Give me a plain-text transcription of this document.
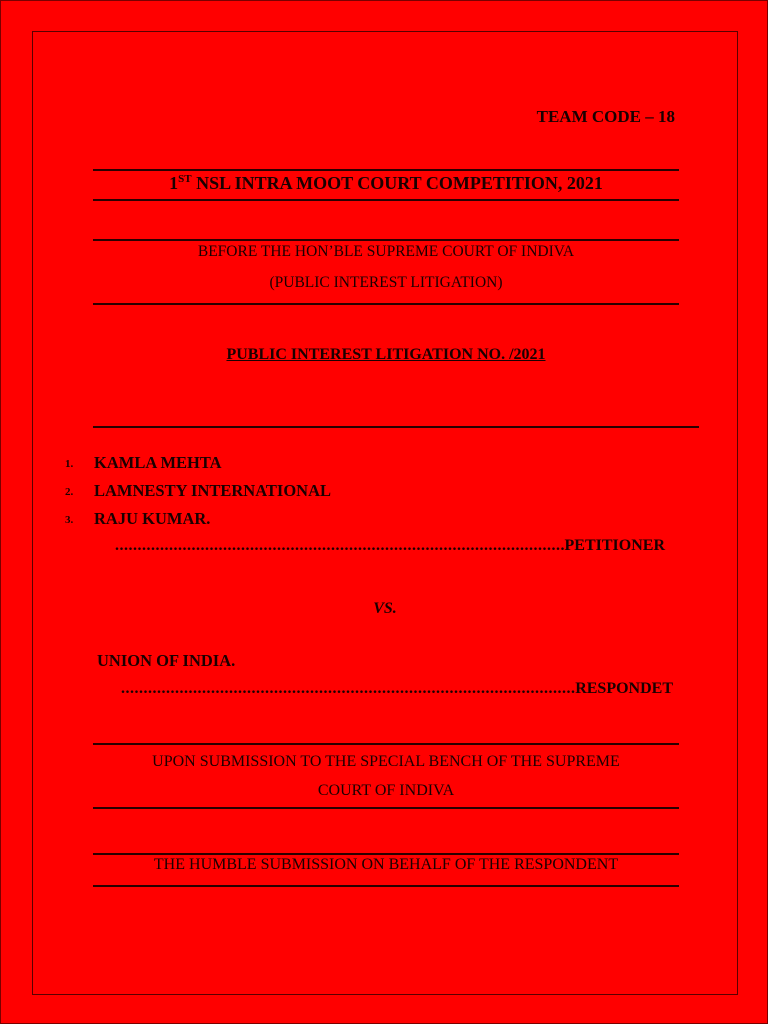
TEAM CODE – 18
1ST NSL INTRA MOOT COURT COMPETITION, 2021
BEFORE THE HON’BLE SUPREME COURT OF INDIVA
(PUBLIC INTEREST LITIGATION)
PUBLIC INTEREST LITIGATION NO. /2021
1. KAMLA MEHTA
2. LAMNESTY INTERNATIONAL
3. RAJU KUMAR.
.....
PETITIONER
VS.
UNION OF INDIA.
.....
RESPONDET
UPON SUBMISSION TO THE SPECIAL BENCH OF THE SUPREME
COURT OF INDIVA
THE HUMBLE SUBMISSION ON BEHALF OF THE RESPONDENT
